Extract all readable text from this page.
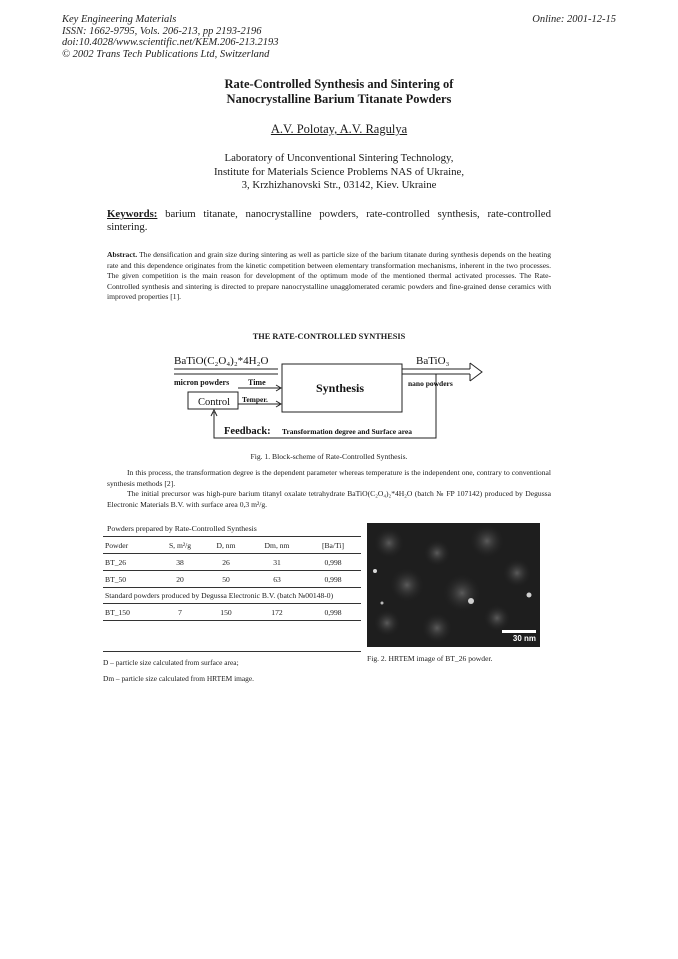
Key Engineering Materials
ISSN: 1662-9795, Vols. 206-213, pp 2193-2196
doi:10.4028/www.scientific.net/KEM.206-213.2193
© 2002 Trans Tech Publications Ltd, Switzerland
Online: 2001-12-15
Rate-Controlled Synthesis and Sintering of
Nanocrystalline Barium Titanate Powders
A.V. Polotay, A.V. Ragulya
Laboratory of Unconventional Sintering Technology,
Institute for Materials Science Problems NAS of Ukraine,
3, Krzhizhanovski Str., 03142, Kiev. Ukraine
Keywords: barium titanate, nanocrystalline powders, rate-controlled synthesis, rate-controlled sintering.
Abstract. The densification and grain size during sintering as well as particle size of the barium titanate during synthesis depends on the heating rate and this dependence originates from the kinetic competition between elementary transformation mechanisms, inherent in the two processes. The given competition is the main reason for development of the optimum mode of the mentioned thermal activated processes. The Rate-Controlled synthesis and sintering is directed to prepare nanocrystalline unagglomerated ceramic powders and fine-grained dense ceramics with improved properties [1].
THE RATE-CONTROLLED SYNTHESIS
BaTiO(C₂O₄)₂*4H₂O
micron powders Time
Control Temper.
Synthesis
BaTiO₃
nano powders
Feedback: Transformation degree and Surface area
Fig. 1. Block-scheme of Rate-Controlled Synthesis.

In this process, the transformation degree is the dependent parameter whereas temperature is the independent one, contrary to conventional synthesis methods [2].

The initial precursor was high-pure barium titanyl oxalate tetrahydrate BaTiO(C₂O₄)₂*4H₂O (batch № FP 107142) produced by Degussa Electronic Materials B.V. with surface area 0,3 m²/g.

Powders prepared by Rate-Controlled Synthesis
Powder	S, m²/g	D, nm	Dm, nm	[Ba/Ti]
BT_26	38	26	31	0,998
BT_50	20	50	63	0,998
Standard powders produced by Degussa Electronic B.V. (batch №00148-0)
BT_150	7	150	172	0,998
D – particle size calculated from surface area;
Dm – particle size calculated from HRTEM image.
30 nm
Fig. 2. HRTEM image of BT_26 powder.
